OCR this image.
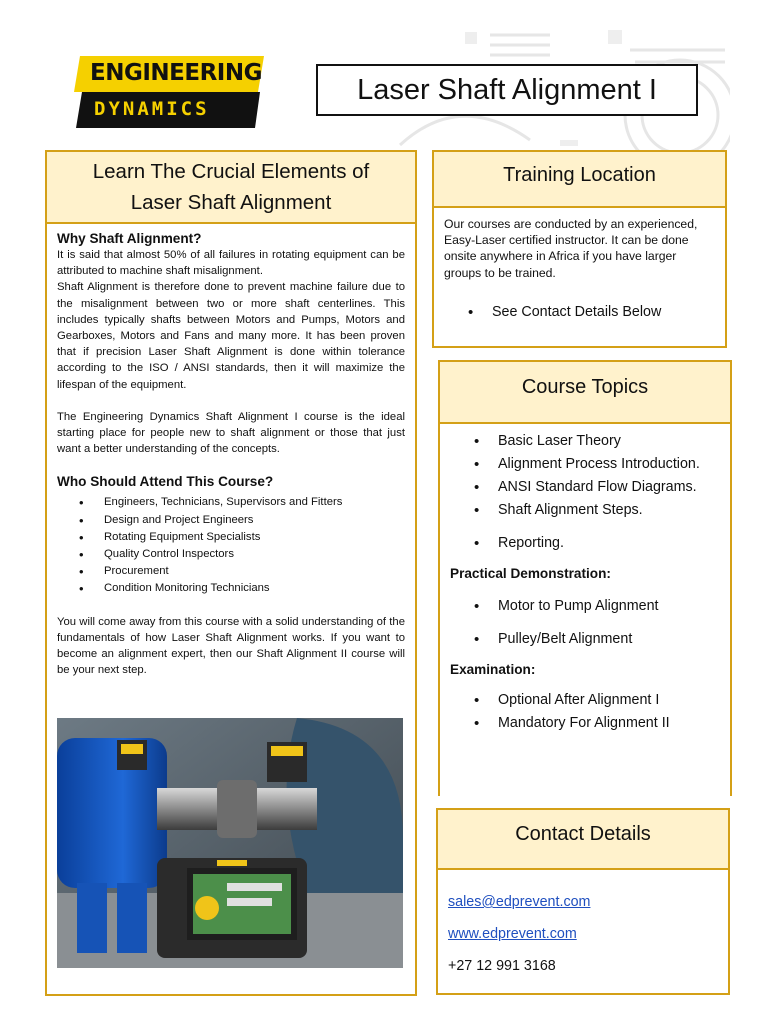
ENGINEERING
DYNAMICS
Laser Shaft Alignment I
Learn The Crucial Elements of
Laser Shaft Alignment

Why Shaft Alignment?

It is said that almost 50% of all failures in rotating equipment can be attributed to machine shaft misalignment.

Shaft Alignment is therefore done to prevent machine failure due to the misalignment between two or more shaft centerlines. This includes typically shafts between Motors and Pumps, Motors and Gearboxes, Motors and Fans and many more. It has been proven that if precision Laser Shaft Alignment is done within tolerance according to the ISO / ANSI standards, then it will maximize the lifespan of the equipment.

The Engineering Dynamics Shaft Alignment I course is the ideal starting place for people new to shaft alignment or those that just want a better understanding of the concepts.

Who Should Attend This Course?

• Engineers, Technicians, Supervisors and Fitters
• Design and Project Engineers
• Rotating Equipment Specialists
• Quality Control Inspectors
• Procurement
• Condition Monitoring Technicians

You will come away from this course with a solid understanding of the fundamentals of how Laser Shaft Alignment works. If you want to become an alignment expert, then our Shaft Alignment II course will be your next step.

Training Location
Our courses are conducted by an experienced, Easy-Laser certified instructor. It can be done onsite anywhere in Africa if you have larger groups to be trained.
• See Contact Details Below
Course Topics
• Basic Laser Theory
• Alignment Process Introduction.
• ANSI Standard Flow Diagrams.
• Shaft Alignment Steps.
• Reporting.

Practical Demonstration:

• Motor to Pump Alignment
• Pulley/Belt Alignment

Examination:

• Optional After Alignment I
• Mandatory For Alignment II
Contact Details
sales@edprevent.com
www.edprevent.com
+27 12 991 3168
